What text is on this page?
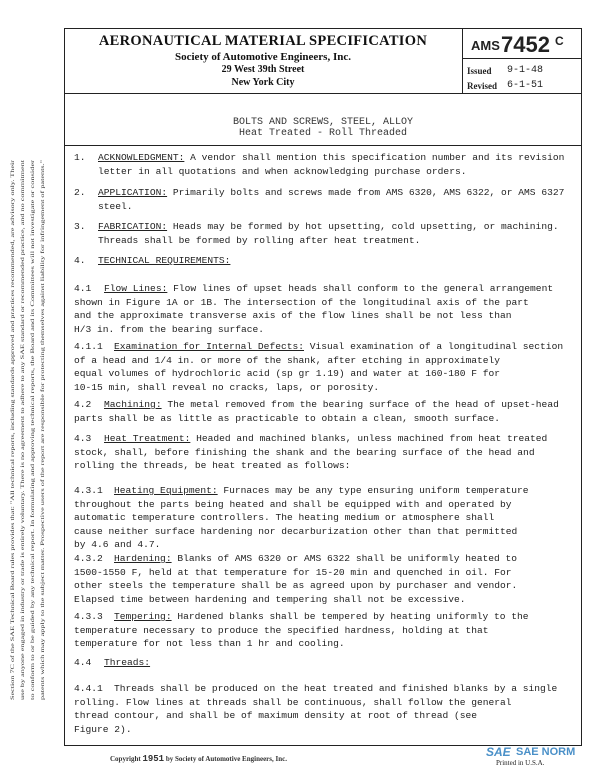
AERONAUTICAL MATERIAL SPECIFICATION
Society of Automotive Engineers, Inc.
29 West 39th Street
New York City
AMS 7452 C
Issued 9-1-48
Revised 6-1-51
BOLTS AND SCREWS, STEEL, ALLOY
Heat Treated - Roll Threaded
1. ACKNOWLEDGMENT: A vendor shall mention this specification number and its revision
letter in all quotations and when acknowledging purchase orders.
2. APPLICATION: Primarily bolts and screws made from AMS 6320, AMS 6322, or AMS 6327
steel.
3. FABRICATION: Heads may be formed by hot upsetting, cold upsetting, or machining.
Threads shall be formed by rolling after heat treatment.
4. TECHNICAL REQUIREMENTS:
4.1 Flow Lines: Flow lines of upset heads shall conform to the general arrangement
shown in Figure 1A or 1B. The intersection of the longitudinal axis of the part
and the approximate transverse axis of the flow lines shall be not less than
H/3 in. from the bearing surface.
4.1.1 Examination for Internal Defects: Visual examination of a longitudinal section
of a head and 1/4 in. or more of the shank, after etching in approximately
equal volumes of hydrochloric acid (sp gr 1.19) and water at 160-180 F for
10-15 min, shall reveal no cracks, laps, or porosity.
4.2 Machining: The metal removed from the bearing surface of the head of upset-head
parts shall be as little as practicable to obtain a clean, smooth surface.
4.3 Heat Treatment: Headed and machined blanks, unless machined from heat treated
stock, shall, before finishing the shank and the bearing surface of the head and
rolling the threads, be heat treated as follows:
4.3.1 Heating Equipment: Furnaces may be any type ensuring uniform temperature
throughout the parts being heated and shall be equipped with and operated by
automatic temperature controllers. The heating medium or atmosphere shall
cause neither surface hardening nor decarburization other than that permitted
by 4.6 and 4.7.
4.3.2 Hardening: Blanks of AMS 6320 or AMS 6322 shall be uniformly heated to
1500-1550 F, held at that temperature for 15-20 min and quenched in oil. For
other steels the temperature shall be as agreed upon by purchaser and vendor.
Elapsed time between hardening and tempering shall not be excessive.
4.3.3 Tempering: Hardened blanks shall be tempered by heating uniformly to the
temperature necessary to produce the specified hardness, holding at that
temperature for not less than 1 hr and cooling.
4.4 Threads:
4.4.1 Threads shall be produced on the heat treated and finished blanks by a single
rolling. Flow lines at threads shall be continuous, shall follow the general
thread contour, and shall be of maximum density at root of thread (see
Figure 2).
Section 7C of the SAE Technical Board rules provides that: "All technical reports, including standards approved and practices recommended, are advisory only. Their use by anyone engaged in industry or trade is entirely voluntary. There is no agreement to adhere to any SAE standard or recommended practice, and no commitment to conform to or be guided by any technical report. In formulating and approving technical reports, the Board and its Committees will not investigate or consider patents which may apply to the subject matter. Prospective users of the report are responsible for protecting themselves against liability for infringement of patents."
Copyright 1951 by Society of Automotive Engineers, Inc.	SAE SAE NORM
Printed in U.S.A.
